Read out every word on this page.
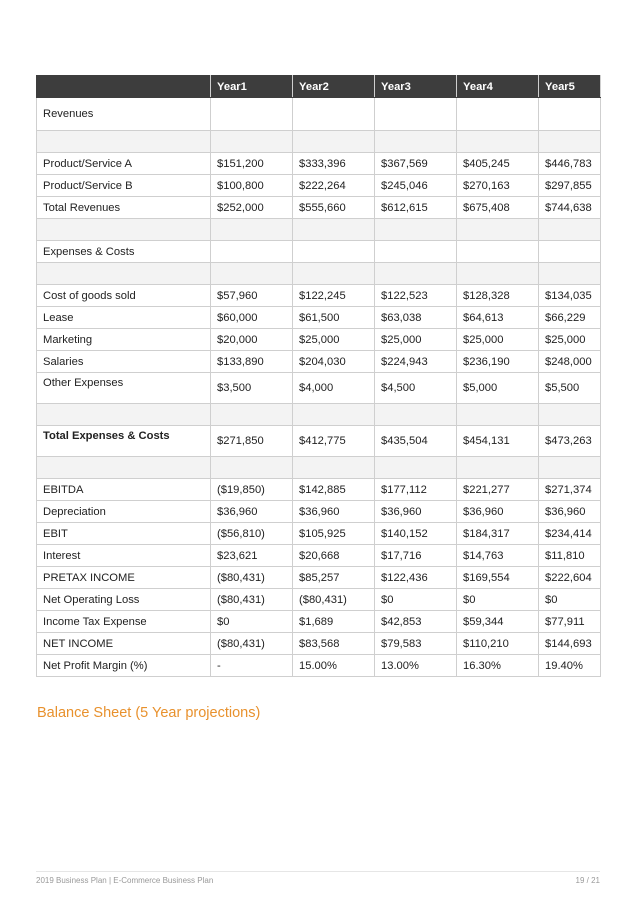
	Year1	Year2	Year3	Year4	Year5
Revenues					

Product/Service A	$151,200	$333,396	$367,569	$405,245	$446,783
Product/Service B	$100,800	$222,264	$245,046	$270,163	$297,855
Total Revenues	$252,000	$555,660	$612,615	$675,408	$744,638

Expenses & Costs					

Cost of goods sold	$57,960	$122,245	$122,523	$128,328	$134,035
Lease	$60,000	$61,500	$63,038	$64,613	$66,229
Marketing	$20,000	$25,000	$25,000	$25,000	$25,000
Salaries	$133,890	$204,030	$224,943	$236,190	$248,000
Other Expenses	$3,500	$4,000	$4,500	$5,000	$5,500

Total Expenses & Costs	$271,850	$412,775	$435,504	$454,131	$473,263

EBITDA	($19,850)	$142,885	$177,112	$221,277	$271,374
Depreciation	$36,960	$36,960	$36,960	$36,960	$36,960
EBIT	($56,810)	$105,925	$140,152	$184,317	$234,414
Interest	$23,621	$20,668	$17,716	$14,763	$11,810
PRETAX INCOME	($80,431)	$85,257	$122,436	$169,554	$222,604
Net Operating Loss	($80,431)	($80,431)	$0	$0	$0
Income Tax Expense	$0	$1,689	$42,853	$59,344	$77,911
NET INCOME	($80,431)	$83,568	$79,583	$110,210	$144,693
Net Profit Margin (%)	-	15.00%	13.00%	16.30%	19.40%
Balance Sheet (5 Year projections)
2019 Business Plan | E-Commerce Business Plan	19 / 21
